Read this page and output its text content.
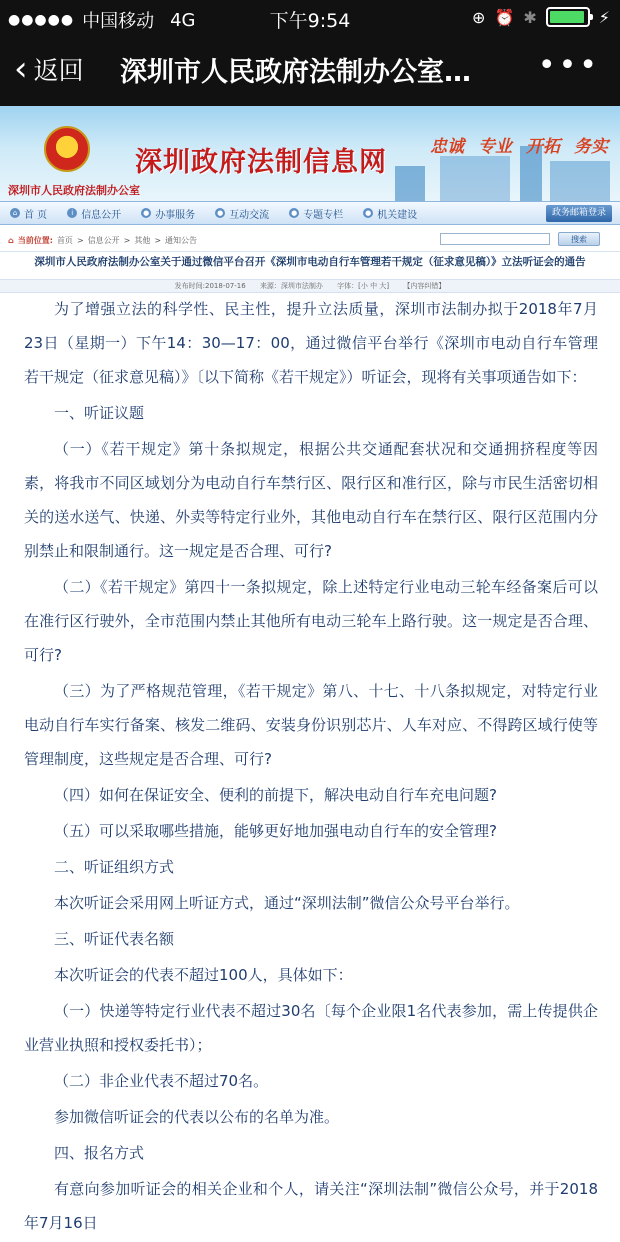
●●●●● 中国移动 4G	下午9:54	⊕ ⏰ ✱	⚡
‹ 返回 深圳市人民政府法制办公室…	•••
深圳市人民政府法制办公室
深圳政府法制信息网	忠诚 专业 开拓 务实
⌂ 首 页	i 信息公开	● 办事服务	● 互动交流	● 专题专栏	● 机关建设	政务邮箱登录
⌂ 当前位置: 首页 > 信息公开 > 其他 > 通知公告	搜索
深圳市人民政府法制办公室关于通过微信平台召开《深圳市电动自行车管理若干规定（征求意见稿）》立法听证会的通告
发布时间:2018-07-16 来源：深圳市法制办 字体：[小 中 大] 【内容纠错】

为了增强立法的科学性、民主性，提升立法质量，深圳市法制办拟于2018年7月23日（星期一）下午14：30—17：00，通过微信平台举行《深圳市电动自行车管理若干规定（征求意见稿）》〔以下简称《若干规定》）听证会，现将有关事项通告如下：

一、听证议题

（一）《若干规定》第十条拟规定，根据公共交通配套状况和交通拥挤程度等因素，将我市不同区域划分为电动自行车禁行区、限行区和准行区，除与市民生活密切相关的送水送气、快递、外卖等特定行业外，其他电动自行车在禁行区、限行区范围内分别禁止和限制通行。这一规定是否合理、可行?

（二）《若干规定》第四十一条拟规定，除上述特定行业电动三轮车经备案后可以在准行区行驶外，全市范围内禁止其他所有电动三轮车上路行驶。这一规定是否合理、可行?

（三）为了严格规范管理，《若干规定》第八、十七、十八条拟规定，对特定行业电动自行车实行备案、核发二维码、安装身份识别芯片、人车对应、不得跨区域行使等管理制度，这些规定是否合理、可行?

（四）如何在保证安全、便利的前提下，解决电动自行车充电问题?

（五）可以采取哪些措施，能够更好地加强电动自行车的安全管理?

二、听证组织方式

本次听证会采用网上听证方式，通过“深圳法制”微信公众号平台举行。

三、听证代表名额

本次听证会的代表不超过100人，具体如下：

（一）快递等特定行业代表不超过30名〔每个企业限1名代表参加，需上传提供企业营业执照和授权委托书）；

（二）非企业代表不超过70名。

参加微信听证会的代表以公布的名单为准。

四、报名方式

有意向参加听证会的相关企业和个人，请关注“深圳法制”微信公众号，并于2018年7月16日
